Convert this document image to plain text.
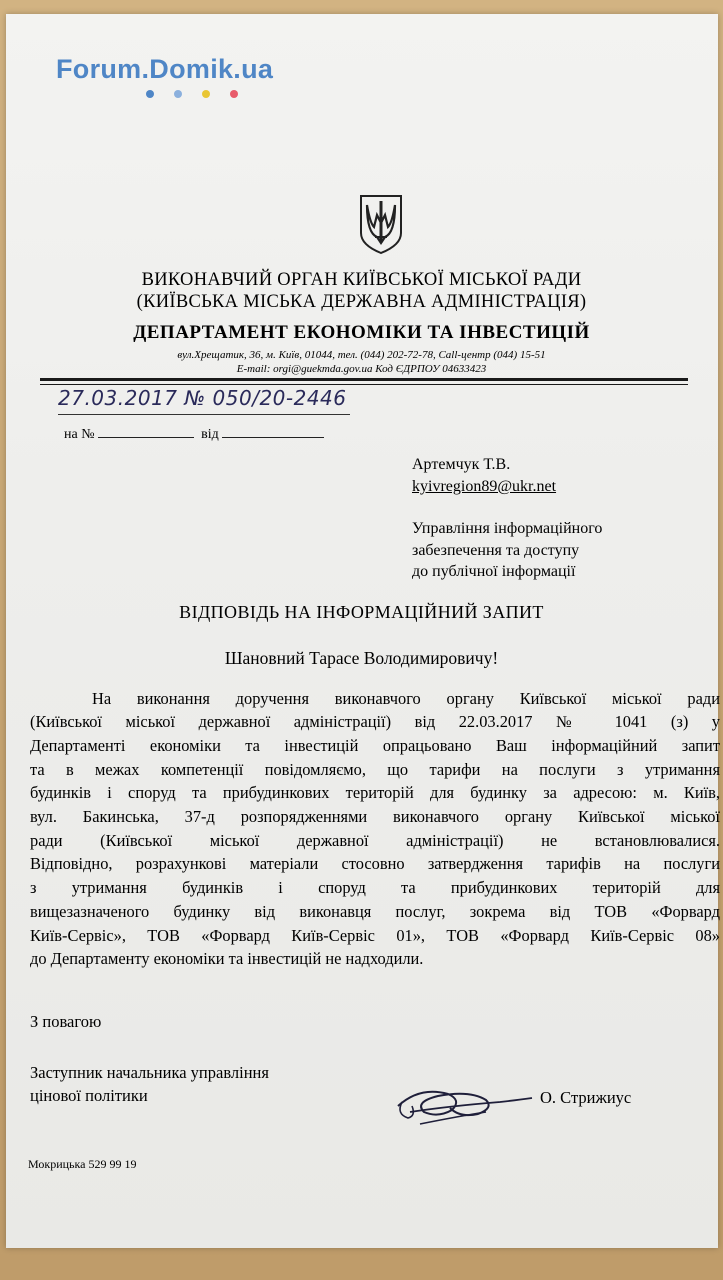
Forum.Domik.ua
ВИКОНАВЧИЙ ОРГАН КИЇВСЬКОЇ МІСЬКОЇ РАДИ
(КИЇВСЬКА МІСЬКА ДЕРЖАВНА АДМІНІСТРАЦІЯ)
ДЕПАРТАМЕНТ ЕКОНОМІКИ ТА ІНВЕСТИЦІЙ
вул.Хрещатик, 36, м. Київ, 01044, тел. (044) 202-72-78, Call-центр (044) 15-51
E-mail: orgi@guekmda.gov.ua Код ЄДРПОУ 04633423
27.03.2017 № 050/20-2446
на №	від
Артемчук Т.В.
kyivregion89@ukr.net
Управління інформаційного
забезпечення та доступу
до публічної інформації
ВІДПОВІДЬ НА ІНФОРМАЦІЙНИЙ ЗАПИТ
Шановний Тарасе Володимировичу!
На виконання доручення виконавчого органу Київської міської ради
(Київської міської державної адміністрації) від 22.03.2017 № 1041 (з) у
Департаменті економіки та інвестицій опрацьовано Ваш інформаційний запит
та в межах компетенції повідомляємо, що тарифи на послуги з утримання
будинків і споруд та прибудинкових територій для будинку за адресою: м. Київ,
вул. Бакинська, 37-д розпорядженнями виконавчого органу Київської міської
ради (Київської міської державної адміністрації) не встановлювалися.
Відповідно, розрахункові матеріали стосовно затвердження тарифів на послуги
з утримання будинків і споруд та прибудинкових територій для
вищезазначеного будинку від виконавця послуг, зокрема від ТОВ «Форвард
Київ-Сервіс», ТОВ «Форвард Київ-Сервіс 01», ТОВ «Форвард Київ-Сервіс 08»
до Департаменту економіки та інвестицій не надходили.
З повагою
Заступник начальника управління
цінової політики	О. Стрижиус
Мокрицька 529 99 19
